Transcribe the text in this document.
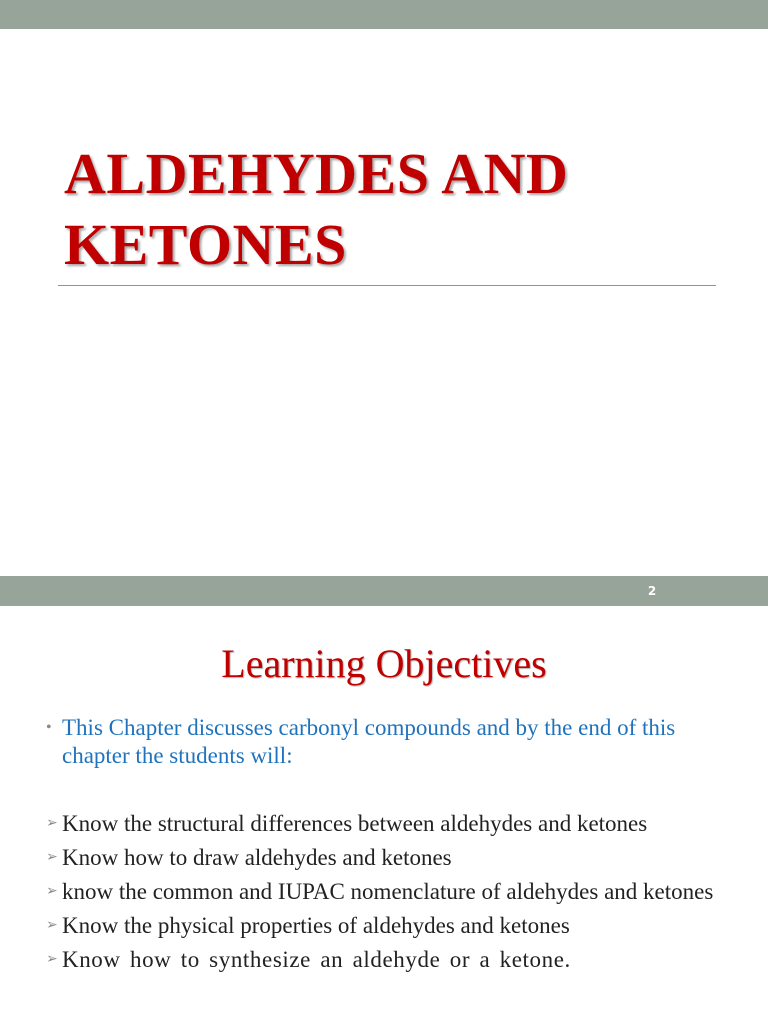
ALDEHYDES AND
KETONES
2
Learning Objectives
• This Chapter discusses carbonyl compounds and by the end of this chapter the students will:
➢ Know the structural differences between aldehydes and ketones
➢ Know how to draw aldehydes and ketones
➢ know the common and IUPAC nomenclature of aldehydes and ketones
➢ Know the physical properties of aldehydes and ketones
➢ Know how to synthesize an aldehyde or a ketone.
